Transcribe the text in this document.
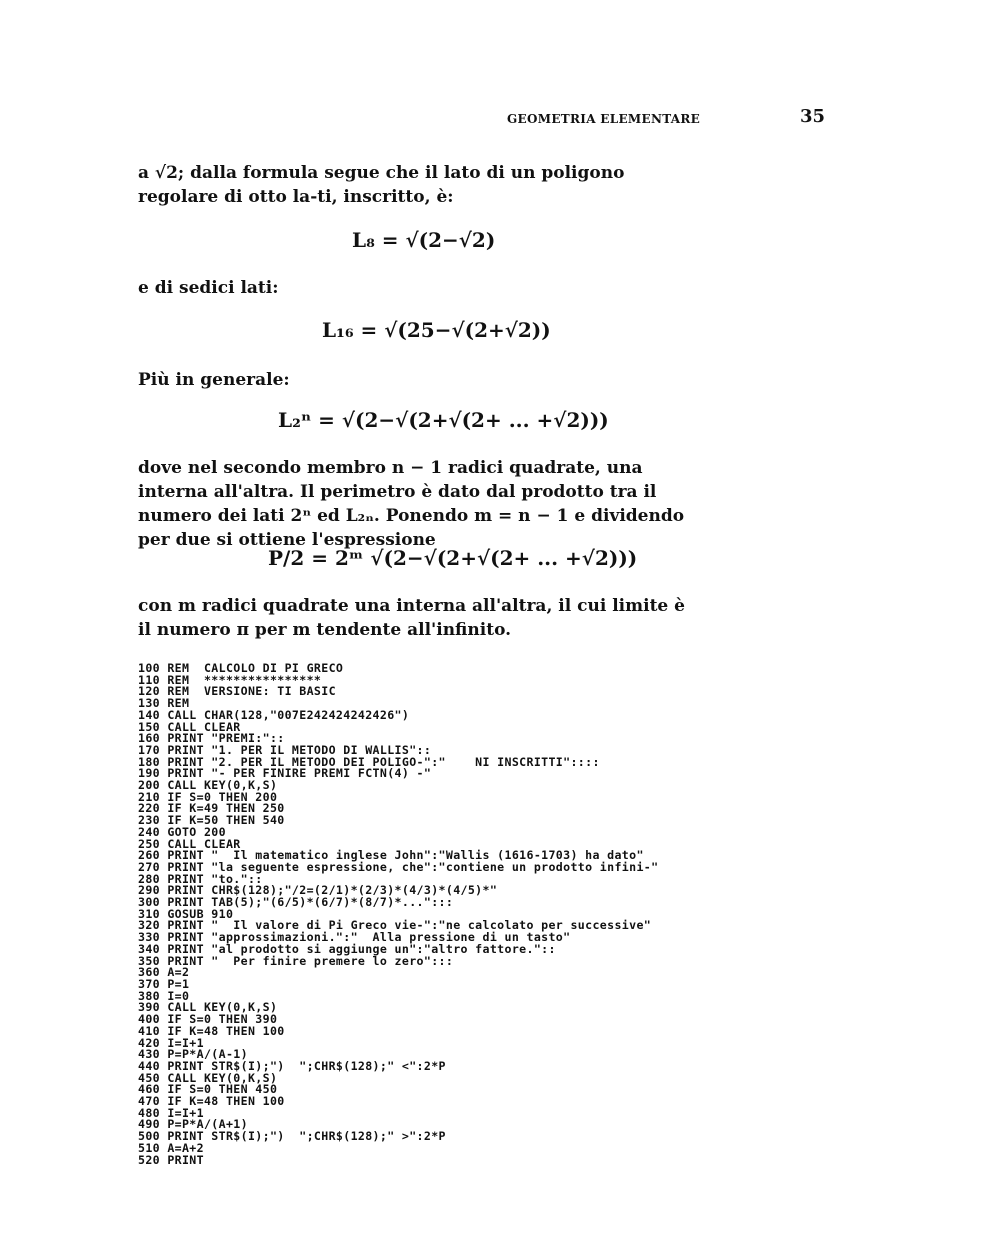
GEOMETRIA ELEMENTARE	35

a √2; dalla formula segue che il lato di un poligono regolare di otto la-ti, inscritto, è:

L₈ = √(2−√2)

e di sedici lati:

L₁₆ = √(25−√(2+√2))

Più in generale:

L₂ⁿ = √(2−√(2+√(2+ ... +√2)))

dove nel secondo membro n − 1 radici quadrate, una interna all'altra. Il perimetro è dato dal prodotto tra il numero dei lati 2ⁿ ed L₂ₙ. Ponendo m = n − 1 e dividendo per due si ottiene l'espressione

P/2 = 2ᵐ √(2−√(2+√(2+ ... +√2)))

con m radici quadrate una interna all'altra, il cui limite è il numero π per m tendente all'infinito.

100 REM  CALCOLO DI PI GRECO
110 REM  ****************
120 REM  VERSIONE: TI BASIC
130 REM
140 CALL CHAR(128,"007E242424242426")
150 CALL CLEAR
160 PRINT "PREMI:"::
170 PRINT "1. PER IL METODO DI WALLIS"::
180 PRINT "2. PER IL METODO DEI POLIGO-":"    NI INSCRITTI"::::
190 PRINT "- PER FINIRE PREMI FCTN(4) -"
200 CALL KEY(0,K,S)
210 IF S=0 THEN 200
220 IF K=49 THEN 250
230 IF K=50 THEN 540
240 GOTO 200
250 CALL CLEAR
260 PRINT "  Il matematico inglese John":"Wallis (1616-1703) ha dato"
270 PRINT "la seguente espressione, che":"contiene un prodotto infini-"
280 PRINT "to."::
290 PRINT CHR$(128);"/2=(2/1)*(2/3)*(4/3)*(4/5)*"
300 PRINT TAB(5);"(6/5)*(6/7)*(8/7)*...":::
310 GOSUB 910
320 PRINT "  Il valore di Pi Greco vie-":"ne calcolato per successive"
330 PRINT "approssimazioni.":"  Alla pressione di un tasto"
340 PRINT "al prodotto si aggiunge un":"altro fattore."::
350 PRINT "  Per finire premere lo zero":::
360 A=2
370 P=1
380 I=0
390 CALL KEY(0,K,S)
400 IF S=0 THEN 390
410 IF K=48 THEN 100
420 I=I+1
430 P=P*A/(A-1)
440 PRINT STR$(I);")  ";CHR$(128);" <":2*P
450 CALL KEY(0,K,S)
460 IF S=0 THEN 450
470 IF K=48 THEN 100
480 I=I+1
490 P=P*A/(A+1)
500 PRINT STR$(I);")  ";CHR$(128);" >":2*P
510 A=A+2
520 PRINT
